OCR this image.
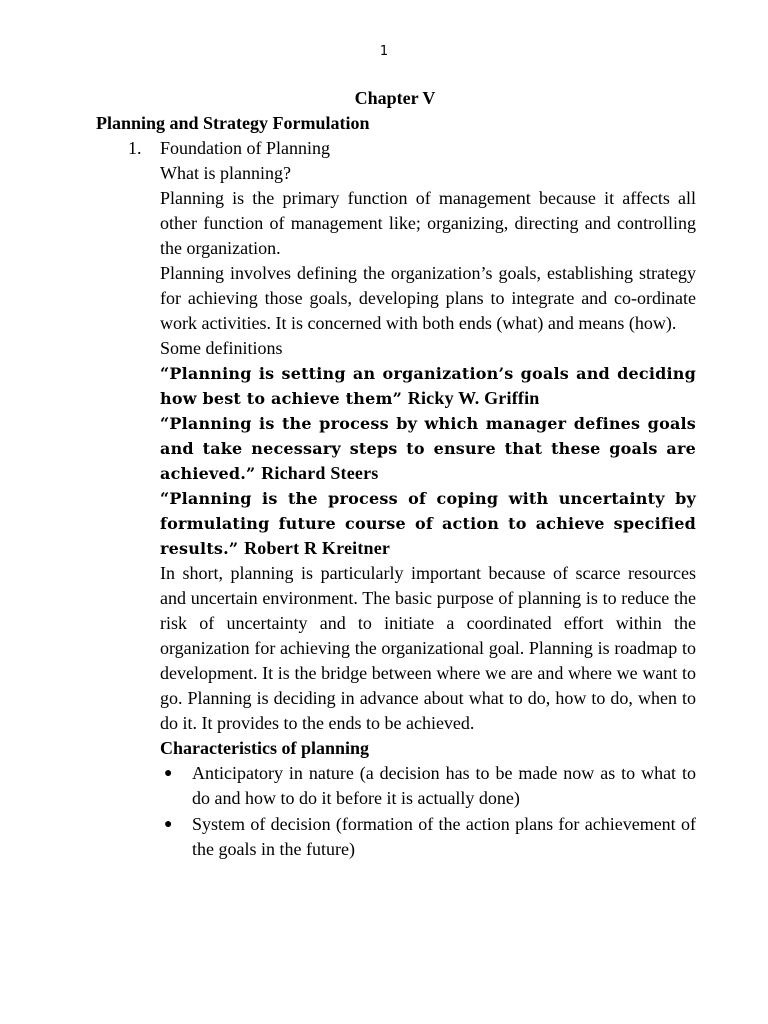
1
Chapter V
Planning and Strategy Formulation
1. Foundation of Planning

What is planning?

Planning is the primary function of management because it affects all other function of management like; organizing, directing and controlling the organization.

Planning involves defining the organization’s goals, establishing strategy for achieving those goals, developing plans to integrate and co-ordinate work activities. It is concerned with both ends (what) and means (how).

Some definitions

“Planning is setting an organization’s goals and deciding how best to achieve them” Ricky W. Griffin

“Planning is the process by which manager defines goals and take necessary steps to ensure that these goals are achieved.” Richard Steers

“Planning is the process of coping with uncertainty by formulating future course of action to achieve specified results.” Robert R Kreitner

In short, planning is particularly important because of scarce resources and uncertain environment. The basic purpose of planning is to reduce the risk of uncertainty and to initiate a coordinated effort within the organization for achieving the organizational goal. Planning is roadmap to development. It is the bridge between where we are and where we want to go. Planning is deciding in advance about what to do, how to do, when to do it. It provides to the ends to be achieved.

Characteristics of planning

● Anticipatory in nature (a decision has to be made now as to what to do and how to do it before it is actually done)
● System of decision (formation of the action plans for achievement of the goals in the future)
